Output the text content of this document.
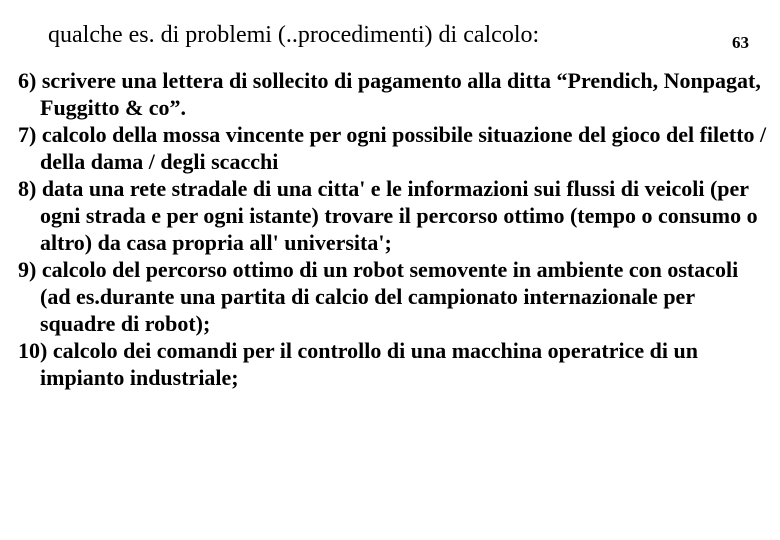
qualche es. di problemi (..procedimenti) di calcolo:	63

6) scrivere una lettera di sollecito di pagamento alla ditta “Prendich, Nonpagat, Fuggitto & co”.

7) calcolo della mossa vincente per ogni possibile situazione del gioco del filetto / della dama / degli scacchi

8) data una rete stradale di una citta' e le informazioni sui flussi di veicoli (per ogni strada e per ogni istante) trovare il percorso ottimo (tempo o consumo o altro) da casa propria all' universita';

9) calcolo del percorso ottimo di un robot semovente in ambiente con ostacoli (ad es.durante una partita di calcio del campionato internazionale per squadre di robot);

10) calcolo dei comandi per il controllo di una macchina operatrice di un impianto industriale;
